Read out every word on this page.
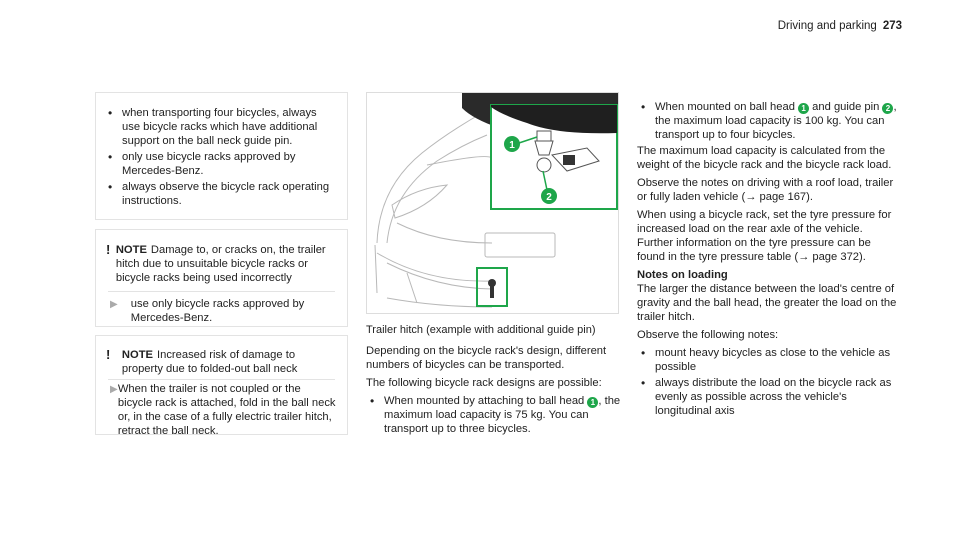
Driving and parking 273
• when transporting four bicycles, always use bicycle racks which have additional support on the ball neck guide pin.
• only use bicycle racks approved by Mercedes-Benz.
• always observe the bicycle rack operating instructions.
! NOTE Damage to, or cracks on, the trailer hitch due to unsuitable bicycle racks or bicycle racks being used incorrectly
▶	use only bicycle racks approved by Mercedes-Benz.
!	NOTE Increased risk of damage to property due to folded-out ball neck
▶ When the trailer is not coupled or the bicycle rack is attached, fold in the ball neck or, in the case of a fully electric trailer hitch, retract the ball neck.
1
2
Trailer hitch (example with additional guide pin)

Depending on the bicycle rack's design, different numbers of bicycles can be transported.

The following bicycle rack designs are possible:

• When mounted by attaching to ball head 1 , the maximum load capacity is 75 kg. You can transport up to three bicycles.
• When mounted on ball head 1 and guide pin 2 , the maximum load capacity is 100 kg. You can transport up to four bicycles.

The maximum load capacity is calculated from the weight of the bicycle rack and the bicycle rack load.

Observe the notes on driving with a roof load, trailer or fully laden vehicle (→ page 167).

When using a bicycle rack, set the tyre pressure for increased load on the rear axle of the vehicle. Further information on the tyre pressure can be found in the tyre pressure table (→ page 372).

Notes on loading

The larger the distance between the load's centre of gravity and the ball head, the greater the load on the trailer hitch.

Observe the following notes:

• mount heavy bicycles as close to the vehicle as possible
• always distribute the load on the bicycle rack as evenly as possible across the vehicle's longitudinal axis
